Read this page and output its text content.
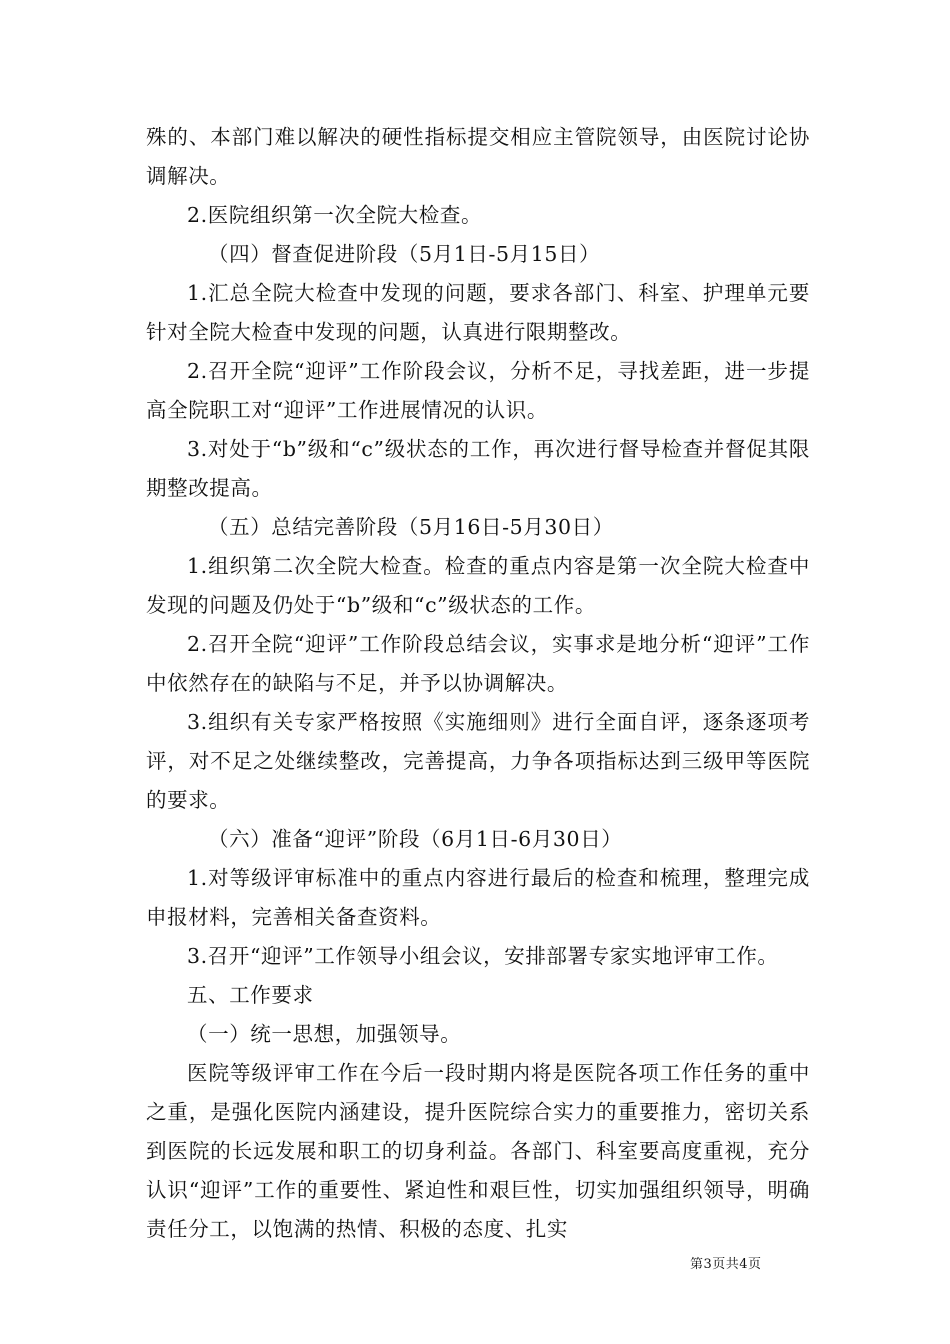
殊的、本部门难以解决的硬性指标提交相应主管院领导，由医院讨论协调解决。

2.医院组织第一次全院大检查。

（四）督查促进阶段（5月1日-5月15日）

1.汇总全院大检查中发现的问题，要求各部门、科室、护理单元要针对全院大检查中发现的问题，认真进行限期整改。

2.召开全院“迎评”工作阶段会议，分析不足，寻找差距，进一步提高全院职工对“迎评”工作进展情况的认识。

3.对处于“b”级和“c”级状态的工作，再次进行督导检查并督促其限期整改提高。

（五）总结完善阶段（5月16日-5月30日）

1.组织第二次全院大检查。检查的重点内容是第一次全院大检查中发现的问题及仍处于“b”级和“c”级状态的工作。

2.召开全院“迎评”工作阶段总结会议，实事求是地分析“迎评”工作中依然存在的缺陷与不足，并予以协调解决。

3.组织有关专家严格按照《实施细则》进行全面自评，逐条逐项考评，对不足之处继续整改，完善提高，力争各项指标达到三级甲等医院的要求。

（六）准备“迎评”阶段（6月1日-6月30日）

1.对等级评审标准中的重点内容进行最后的检查和梳理，整理完成申报材料，完善相关备查资料。

3.召开“迎评”工作领导小组会议，安排部署专家实地评审工作。

五、工作要求

（一）统一思想，加强领导。

医院等级评审工作在今后一段时期内将是医院各项工作任务的重中之重，是强化医院内涵建设，提升医院综合实力的重要推力，密切关系到医院的长远发展和职工的切身利益。各部门、科室要高度重视，充分认识“迎评”工作的重要性、紧迫性和艰巨性，切实加强组织领导，明确责任分工，以饱满的热情、积极的态度、扎实

第3页共4页
